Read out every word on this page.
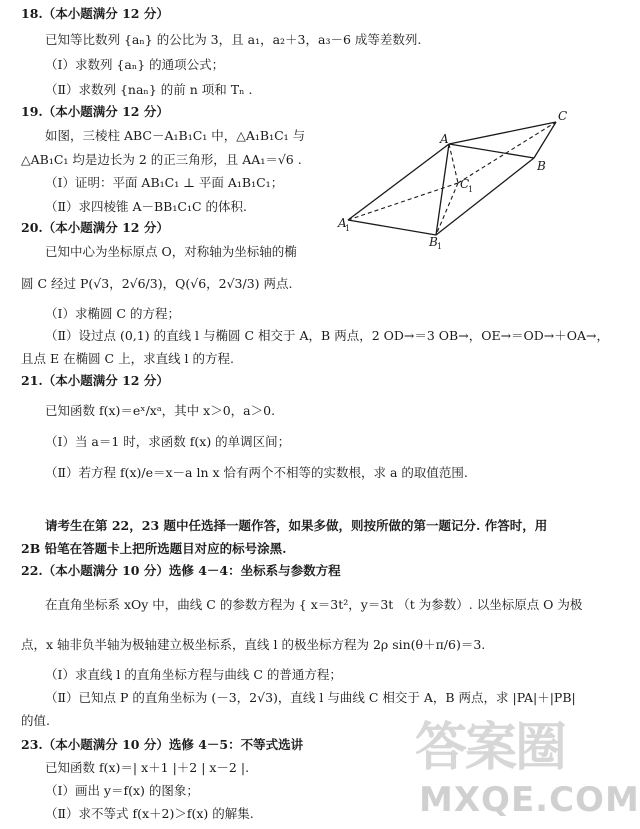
18.（本小题满分 12 分）
已知等比数列 {aₙ} 的公比为 3，且 a₁，a₂＋3，a₃－6 成等差数列.
（Ⅰ）求数列 {aₙ} 的通项公式；
（Ⅱ）求数列 {naₙ} 的前 n 项和 Tₙ .
19.（本小题满分 12 分）
如图，三棱柱 ABC－A₁B₁C₁ 中，△A₁B₁C₁ 与
△AB₁C₁ 均是边长为 2 的正三角形，且 AA₁＝√6 .
（Ⅰ）证明：平面 AB₁C₁ ⊥ 平面 A₁B₁C₁；
（Ⅱ）求四棱锥 A－BB₁C₁C 的体积.
A
C
B
A
1
B 1
C
1
20.（本小题满分 12 分）
已知中心为坐标原点 O，对称轴为坐标轴的椭
圆 C 经过 P(√3，2√6/3)，Q(√6，2√3/3) 两点.
（Ⅰ）求椭圆 C 的方程；
（Ⅱ）设过点 (0,1) 的直线 l 与椭圆 C 相交于 A，B 两点，2 OD→＝3 OB→，OE→＝OD→＋OA→，
且点 E 在椭圆 C 上，求直线 l 的方程.
21.（本小题满分 12 分）
已知函数 f(x)＝eˣ/xᵃ，其中 x＞0，a＞0.
（Ⅰ）当 a＝1 时，求函数 f(x) 的单调区间；
（Ⅱ）若方程 f(x)/e＝x－a ln x 恰有两个不相等的实数根，求 a 的取值范围.
请考生在第 22，23 题中任选择一题作答，如果多做，则按所做的第一题记分. 作答时，用
2B 铅笔在答题卡上把所选题目对应的标号涂黑.
22.（本小题满分 10 分）选修 4－4：坐标系与参数方程
在直角坐标系 xOy 中，曲线 C 的参数方程为 { x＝3t²，y＝3t （t 为参数）. 以坐标原点 O 为极
点，x 轴非负半轴为极轴建立极坐标系，直线 l 的极坐标方程为 2ρ sin(θ＋π/6)＝3.
（Ⅰ）求直线 l 的直角坐标方程与曲线 C 的普通方程；
（Ⅱ）已知点 P 的直角坐标为 (－3，2√3)，直线 l 与曲线 C 相交于 A，B 两点，求 |PA|＋|PB|
的值.
23.（本小题满分 10 分）选修 4－5：不等式选讲
已知函数 f(x)＝| x＋1 |＋2 | x－2 |.
（Ⅰ）画出 y＝f(x) 的图象；
（Ⅱ）求不等式 f(x＋2)＞f(x) 的解集.
答案圈
MXQE.COM
